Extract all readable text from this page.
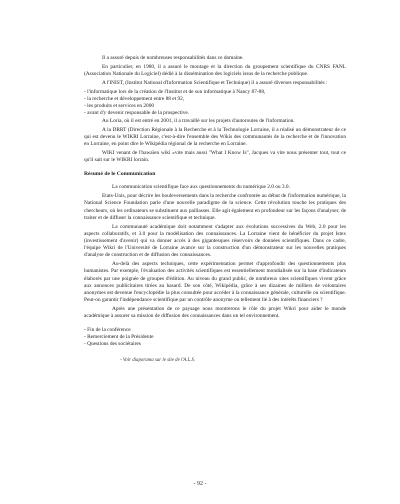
Il a assuré depuis de nombreuses responsabilités dans ce domaine.

En particulier, en 1980, il a assuré le montage et la direction du groupement scientifique du CNRS FANL (Association Nationale du Logiciel) dédié à la dissémination des logiciels issus de la recherche publique.

A l'INIST, (Institut National d'Information Scientifique et Technique) il a assuré diverses responsabilités :

- l'informatique lors de la création de l'Institut et de son informatique à Nancy 87-88,
- la recherche et développement entre 88 et 92,
- les produits et services en 2000
- avant d'y devenir responsable de la prospective.

Au Loria, où il est entré en 2001, il a travaillé sur les projets d'autoroutes de l'information.

A la DRRT (Direction Régionale à la Recherche et à la Technologie Lorraine, il a réalisé un démonstrateur de ce qui est devenu le WIKRI Lorraine, c'est-à-dire l'ensemble des Wikis des communautés de la recherche et de l'innovation en Lorraine, en point dire le Wikipédia régional de la recherche en Lorraine.

WIKI venant de l'hawaïen wiki «vite mais aussi "What I Know Is", Jacques va vite nous présenter tout, tout ce qu'il sait sur le WIKRI lorrain.

Résumé de le Communication

La communication scientifique face aux questionnements du numérique 2.0 ou 3.0.

Etats-Unis, pour décrire les bouleversements dans la recherche confrontée au début de l'information numérique, la National Science Foundation parle d'une nouvelle paradigme de la science. Cette révolution touche les pratiques des chercheurs, où les ordinateurs se substituent aux paillasses. Elle agit également en profondeur sur les façons d'analyser, de traiter et de diffuser la connaissance scientifique et technique.

La communauté académique doit notamment s'adapter aux évolutions successives du Web, 2.0 pour les aspects collaboratifs, et 3.0 pour la modélisation des connaissances. La Lorraine vient de bénéficier du projet Istex (investissement d'avenir) qui va donner accès à des gigantesques réservoirs de données scientifiques. Dans ce cadre, l'équipe Wikri de l'Université de Lorraine avance sur la construction d'un démonstrateur sur les nouvelles pratiques d'analyse de construction et de diffusion des connaissances.

Au-delà des aspects techniques, cette expérimentation permet d'approfondir des questionnements plus humanistes. Par exemple, l'évaluation des activités scientifiques est essentiellement mondialisée sur la base d'indicateurs élaborés par une poignée de groupes d'édition. Au niveau du grand public, de nombreux sites scientifiques vivent grâce aux annonces publicitaires tirées au hasard. De son côté, Wikipédia, grâce à ses dizaines de milliers de volontaires anonymes est devenue l'encyclopédie la plus consultée pour accéder à la connaissance générale, culturelle ou scientifique. Peut-on garantir l'indépendance scientifique par un contrôle anonyme ou tellement lié à des intérêts financiers ?

Après une présentation de ce paysage nous montrerons le rôle du projet Wikri pour aider le monde académique à assurer sa mission de diffusion des connaissances dans un tel environnement.

- Fin de la conférence
- Remerciement de la Présidente
- Questions des sociétaires

- Voir diaporama sur le site de l'A.L.S.

- 92 -
